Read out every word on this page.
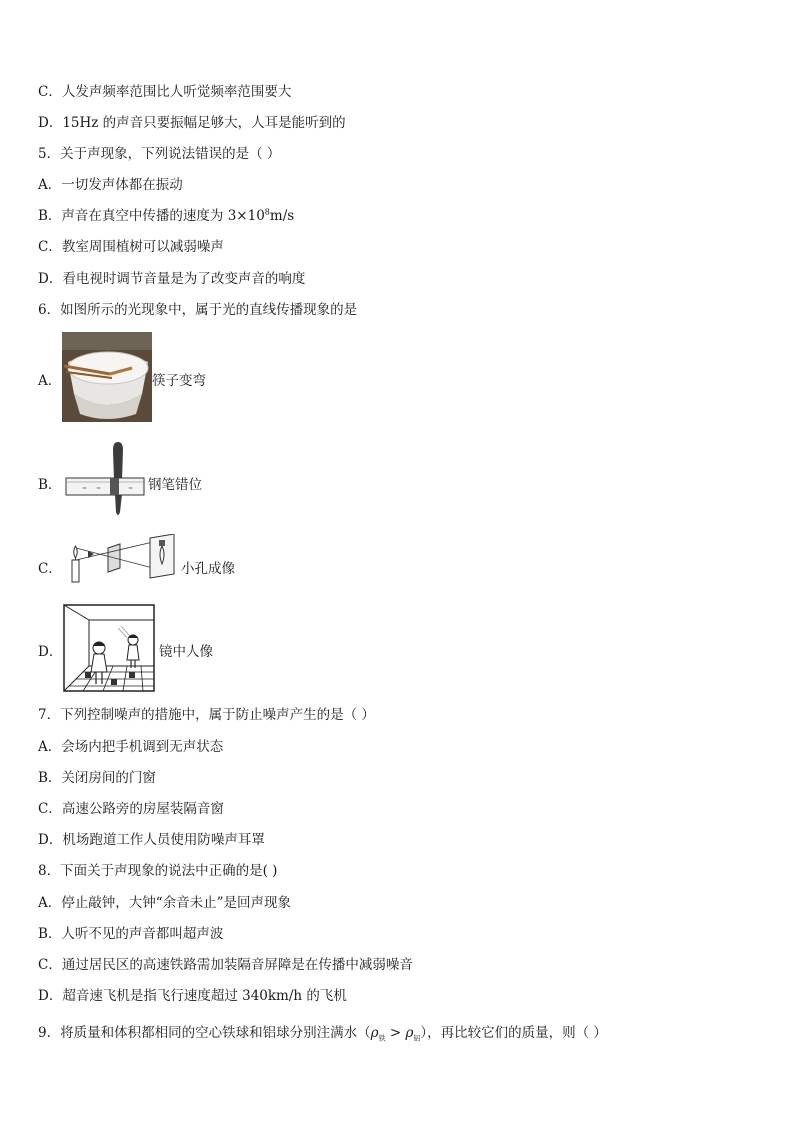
C．人发声频率范围比人听觉频率范围要大
D．15Hz 的声音只要振幅足够大，人耳是能听到的
5．关于声现象，下列说法错误的是（ ）
A．一切发声体都在振动
B．声音在真空中传播的速度为 $3\times 10^8m/s$
C．教室周围植树可以减弱噪声
D．看电视时调节音量是为了改变声音的响度
6．如图所示的光现象中，属于光的直线传播现象的是
A．	筷子变弯
B．	≈ ≈	≈ 钢笔错位
C．	小孔成像
D．	镜中人像
7．下列控制噪声的措施中，属于防止噪声产生的是（ ）
A．会场内把手机调到无声状态
B．关闭房间的门窗
C．高速公路旁的房屋装隔音窗
D．机场跑道工作人员使用防噪声耳罩
8．下面关于声现象的说法中正确的是( )
A．停止敲钟，大钟“余音未止”是回声现象
B．人听不见的声音都叫超声波
C．通过居民区的高速铁路需加装隔音屏障是在传播中减弱噪音
D．超音速飞机是指飞行速度超过 340km/h 的飞机
9．将质量和体积都相同的空心铁球和铝球分别注满水$(\rho_铁 > \rho_铝)$，再比较它们的质量，则（ ）
